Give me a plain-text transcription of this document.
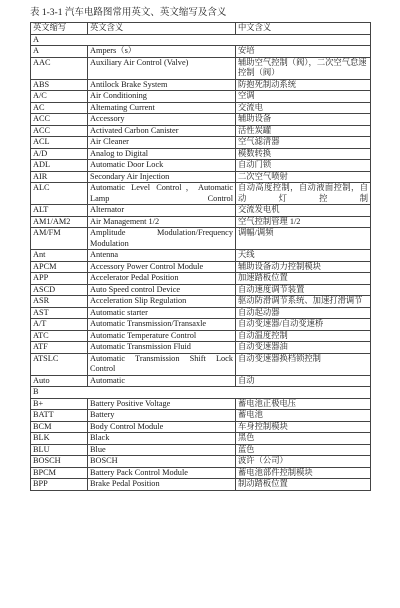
表 1-3-1 汽车电路图常用英文、英文缩写及含义
英文缩写	英文含义	中文含义
A		
A	Ampers（s）	安培
AAC	Auxiliary Air Control (Valve)	辅助空气控制（阀），二次空气怠速控制（阀）
ABS	Antilock Brake System	防抱死制动系统
A/C	Air Conditioning	空调
AC	Altemating Current	交流电
ACC	Accessory	辅助设备
ACC	Activated Carbon Canister	活性炭罐
ACL	Air Cleaner	空气滤清器
A/D	Analog to Digital	模数转换
ADL	Automatic Door Lock	自动门锁
AIR	Secondary Air Injection	二次空气喷射
ALC	Automatic Level Control，Automatic Lamp Control	自动高度控制，自动液面控制，自动灯控制
ALT	Alternator	交流发电机
AM1/AM2	Air Management 1/2	空气控制管理 1/2
AM/FM	Amplitude Modulation/Frequency Modulation	调幅/调频
Ant	Antenna	天线
APCM	Accessory Power Control Module	辅助设备动力控制模块
APP	Accelerator Pedal Position	加速踏板位置
ASCD	Auto Speed control Device	自动速度调节装置
ASR	Acceleration Slip Regulation	驱动防滑调节系统、加速打滑调节
AST	Automatic starter	自动起动器
A/T	Automatic Transmission/Transaxle	自动变速器/自动变速桥
ATC	Automatic Temperature Control	自动温度控制
ATF	Automatic Transmission Fluid	自动变速器油
ATSLC	Automatic Transmission Shift Lock Control	自动变速器换档锁控制
Auto	Automatic	自动
B		
B+	Battery Positive Voltage	蓄电池正极电压
BATT	Battery	蓄电池
BCM	Body Control Module	车身控制模块
BLK	Black	黑色
BLU	Blue	蓝色
BOSCH	BOSCH	波许（公司）
BPCM	Battery Pack Control Module	蓄电池部件控制模块
BPP	Brake Pedal Position	制动踏板位置
